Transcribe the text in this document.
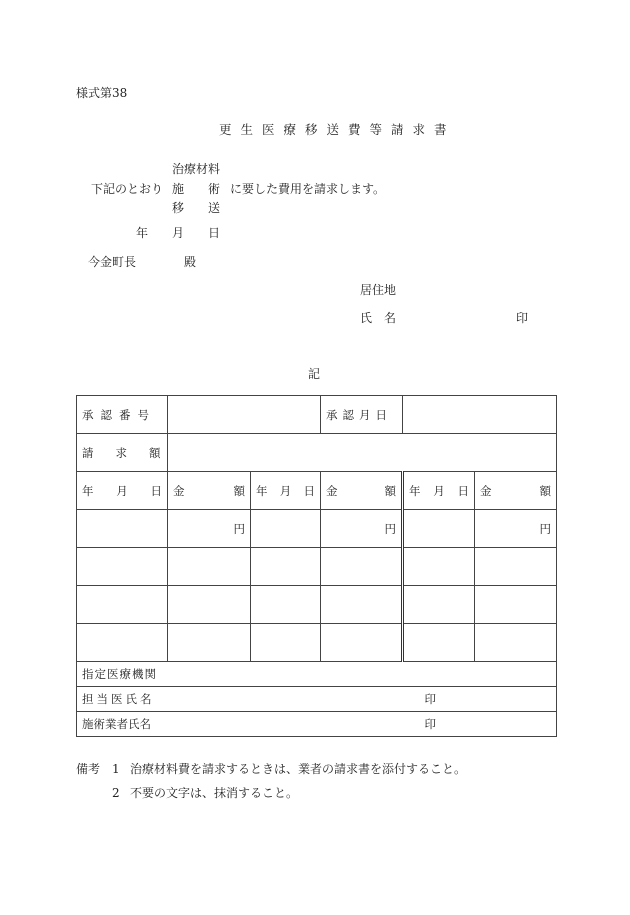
様式第38
更生医療移送費等請求書
治療材料
下記のとおり 施 術 に要した費用を請求します。
移 送
年 月 日
今金町長	殿
居住地
氏 名	印
記
承認番号			承認月日		
請求額					

年 月 日	金 額	年 月 日	金 額	年 月 日	金 額

	円		円		円

指定医療機関					
担当医氏名	印				
施術業者氏名	印				
備考 1 治療材料費を請求するときは、業者の請求書を添付すること。
2 不要の文字は、抹消すること。
